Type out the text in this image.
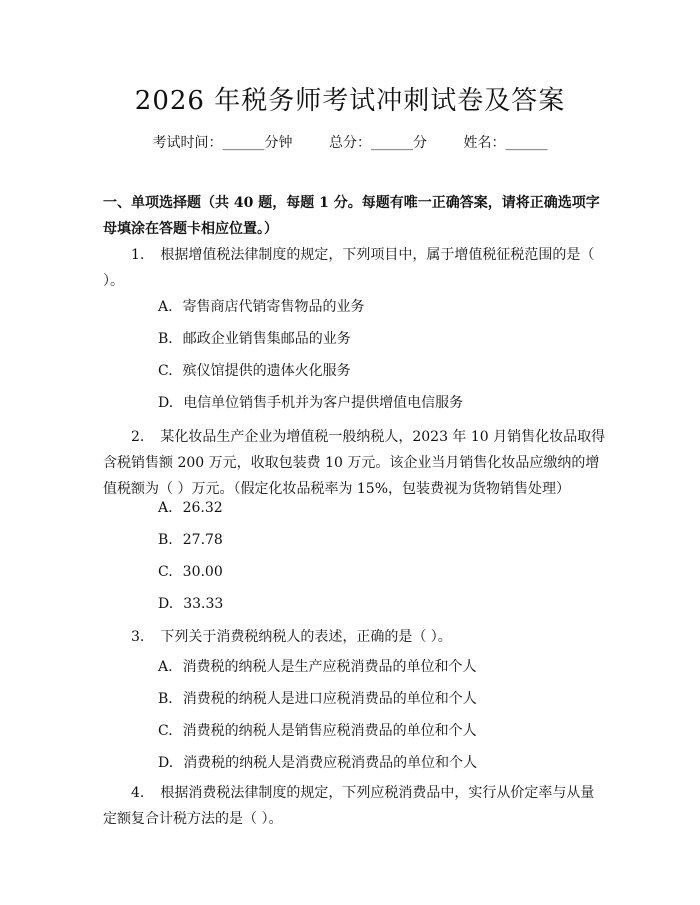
2026 年税务师考试冲刺试卷及答案
考试时间：______分钟	总分：______分	姓名：______
一、单项选择题（共 40 题，每题 1 分。每题有唯一正确答案，请将正确选项字母填涂在答题卡相应位置。）
1. 根据增值税法律制度的规定，下列项目中，属于增值税征税范围的是（ ）。
A. 寄售商店代销寄售物品的业务
B. 邮政企业销售集邮品的业务
C. 殡仪馆提供的遗体火化服务
D. 电信单位销售手机并为客户提供增值电信服务
2. 某化妆品生产企业为增值税一般纳税人，2023 年 10 月销售化妆品取得含税销售额 200 万元，收取包装费 10 万元。该企业当月销售化妆品应缴纳的增值税额为（ ）万元。（假定化妆品税率为 15%，包装费视为货物销售处理）
A. 26.32
B. 27.78
C. 30.00
D. 33.33
3. 下列关于消费税纳税人的表述，正确的是（ ）。
A. 消费税的纳税人是生产应税消费品的单位和个人
B. 消费税的纳税人是进口应税消费品的单位和个人
C. 消费税的纳税人是销售应税消费品的单位和个人
D. 消费税的纳税人是消费应税消费品的单位和个人
4. 根据消费税法律制度的规定，下列应税消费品中，实行从价定率与从量定额复合计税方法的是（ ）。
